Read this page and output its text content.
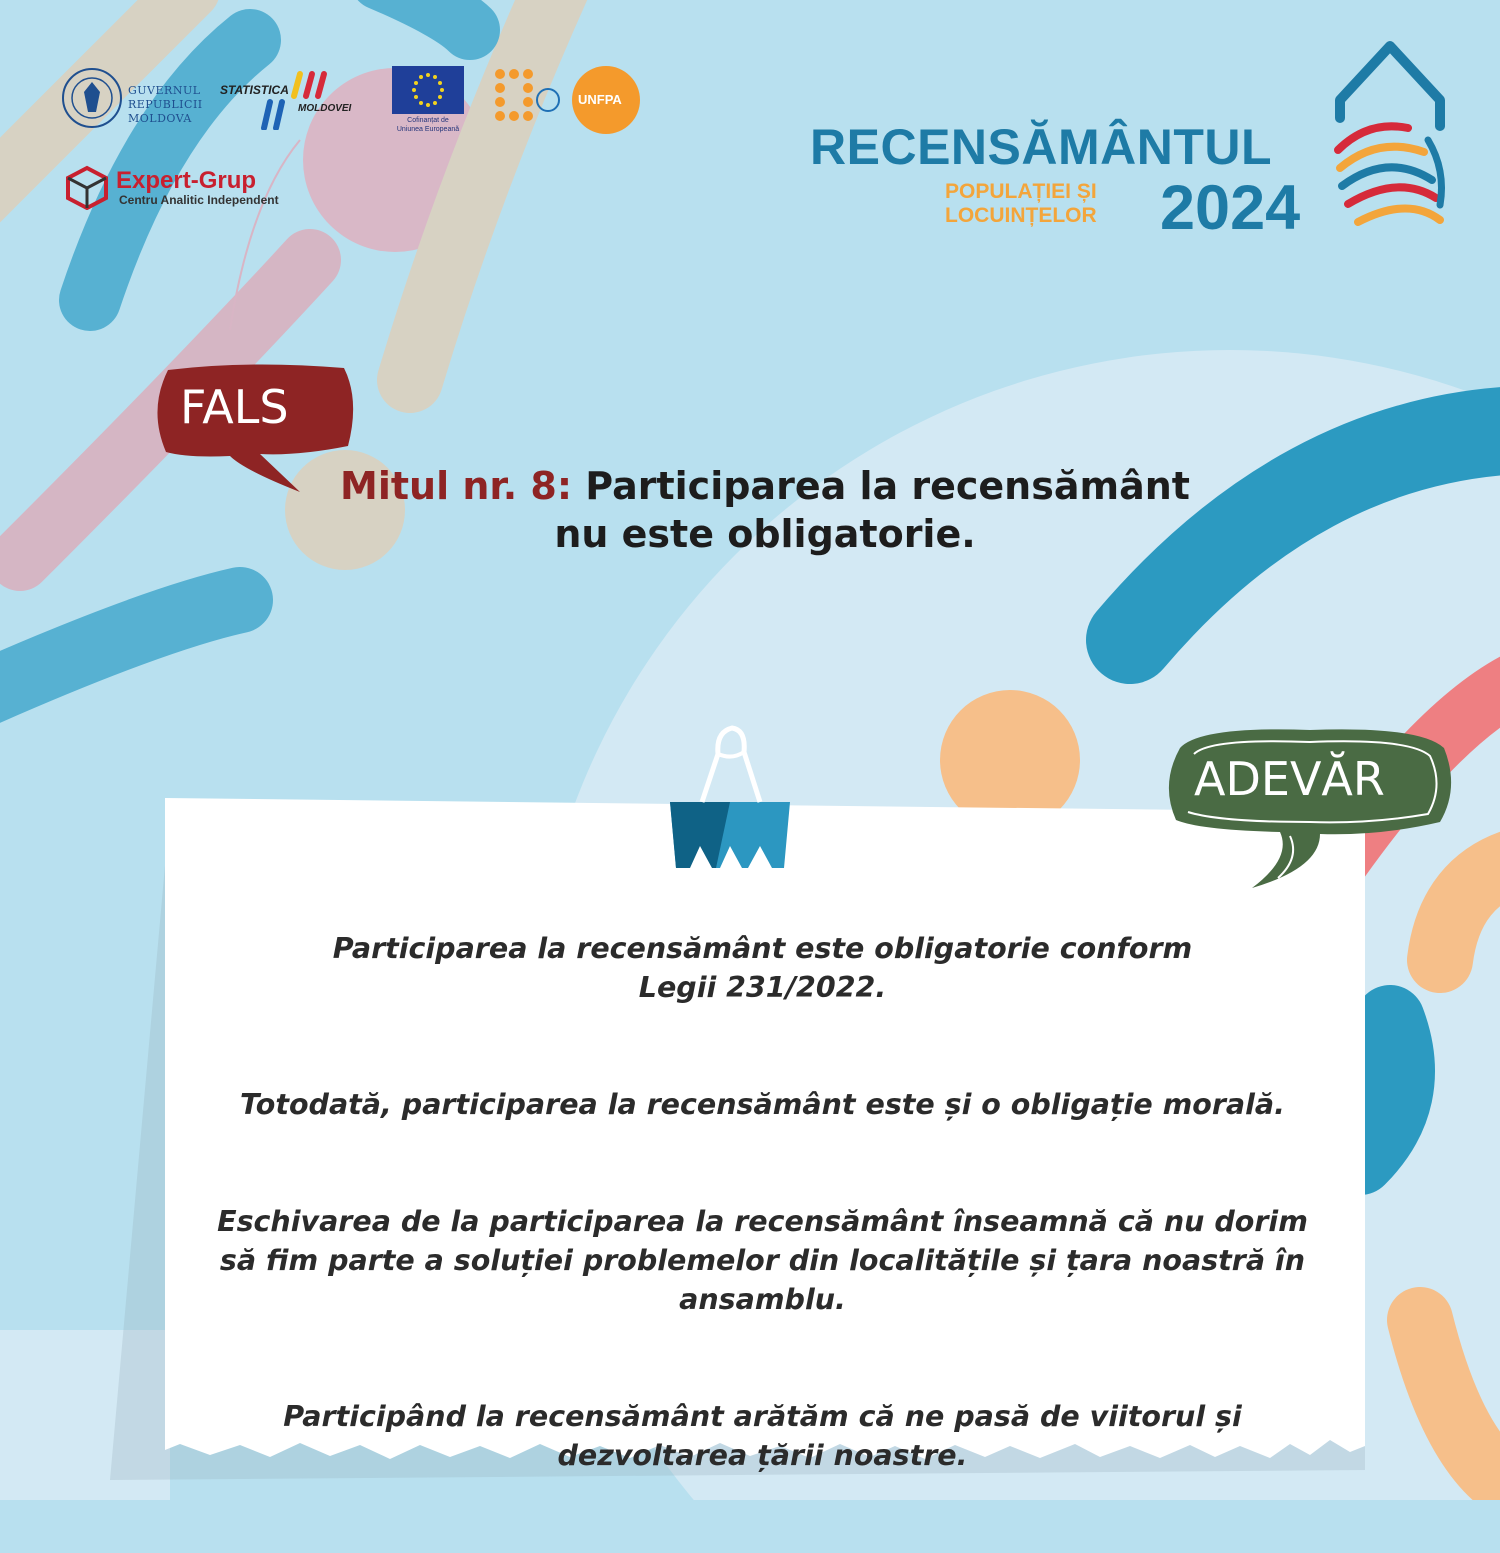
GUVERNUL
REPUBLICII
MOLDOVA
STATISTICA
MOLDOVEI
Cofinanțat de
Uniunea Europeană
UNFPA
Expert-Grup
Centru Analitic Independent
RECENSĂMÂNTUL
POPULAȚIEI ȘI
LOCUINȚELOR 2024
FALS
Mitul nr. 8: Participarea la recensământ
nu este obligatorie.
ADEVĂR

Participarea la recensământ este obligatorie conform
Legii 231/2022.

Totodată, participarea la recensământ este și o obligație morală.

Eschivarea de la participarea la recensământ înseamnă că nu dorim
să fim parte a soluției problemelor din localitățile și țara noastră în
ansamblu.

Participând la recensământ arătăm că ne pasă de viitorul și
dezvoltarea țării noastre.
